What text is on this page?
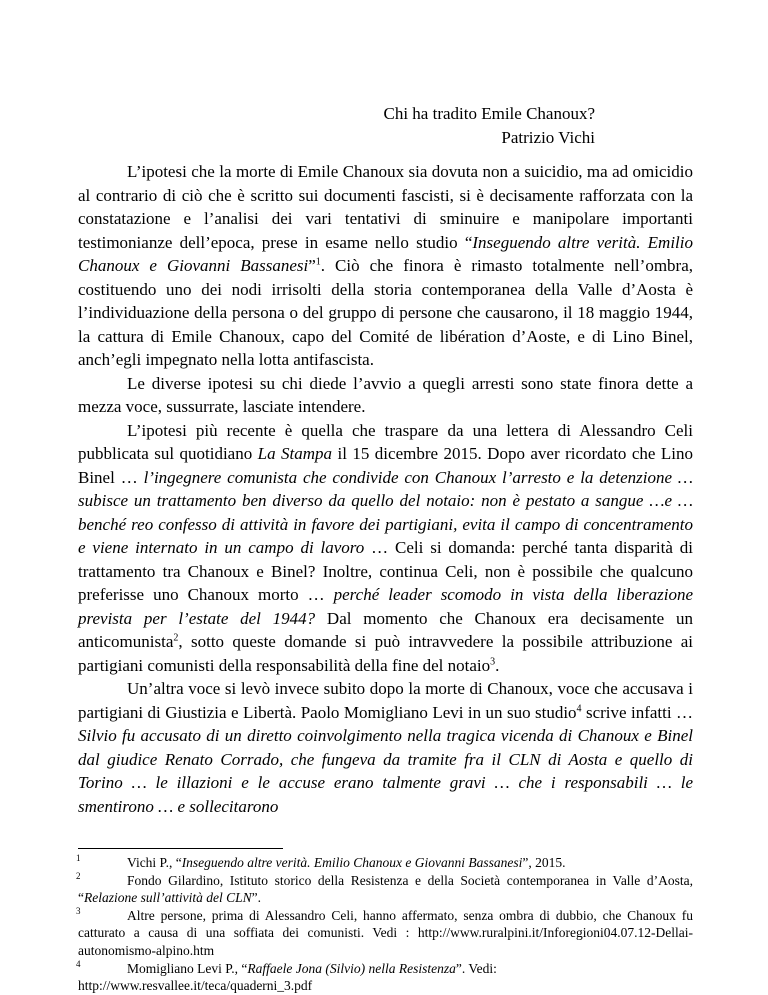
Chi ha tradito Emile Chanoux?
Patrizio Vichi

L’ipotesi che la morte di Emile Chanoux sia dovuta non a suicidio, ma ad omicidio al contrario di ciò che è scritto sui documenti fascisti, si è decisamente rafforzata con la constatazione e l’analisi dei vari tentativi di sminuire e manipolare importanti testimonianze dell’epoca, prese in esame nello studio “Inseguendo altre verità. Emilio Chanoux e Giovanni Bassanesi”$^1$. Ciò che finora è rimasto totalmente nell’ombra, costituendo uno dei nodi irrisolti della storia contemporanea della Valle d’Aosta è l’individuazione della persona o del gruppo di persone che causarono, il 18 maggio 1944, la cattura di Emile Chanoux, capo del Comité de libération d’Aoste, e di Lino Binel, anch’egli impegnato nella lotta antifascista.

Le diverse ipotesi su chi diede l’avvio a quegli arresti sono state finora dette a mezza voce, sussurrate, lasciate intendere.

L’ipotesi più recente è quella che traspare da una lettera di Alessandro Celi pubblicata sul quotidiano La Stampa il 15 dicembre 2015. Dopo aver ricordato che Lino Binel … l’ingegnere comunista che condivide con Chanoux l’arresto e la detenzione … subisce un trattamento ben diverso da quello del notaio: non è pestato a sangue …e … benché reo confesso di attività in favore dei partigiani, evita il campo di concentramento e viene internato in un campo di lavoro … Celi si domanda: perché tanta disparità di trattamento tra Chanoux e Binel? Inoltre, continua Celi, non è possibile che qualcuno preferisse uno Chanoux morto … perché leader scomodo in vista della liberazione prevista per l’estate del 1944? Dal momento che Chanoux era decisamente un anticomunista$^2$, sotto queste domande si può intravvedere la possibile attribuzione ai partigiani comunisti della responsabilità della fine del notaio$^3$.

Un’altra voce si levò invece subito dopo la morte di Chanoux, voce che accusava i partigiani di Giustizia e Libertà. Paolo Momigliano Levi in un suo studio$^4$ scrive infatti … Silvio fu accusato di un diretto coinvolgimento nella tragica vicenda di Chanoux e Binel dal giudice Renato Corrado, che fungeva da tramite fra il CLN di Aosta e quello di Torino … le illazioni e le accuse erano talmente gravi … che i responsabili … le smentirono … e sollecitarono

1	Vichi P., “Inseguendo altre verità. Emilio Chanoux e Giovanni Bassanesi”, 2015.

2	Fondo Gilardino, Istituto storico della Resistenza e della Società contemporanea in Valle d’Aosta, “Relazione sull’attività del CLN”.

3	Altre persone, prima di Alessandro Celi, hanno affermato, senza ombra di dubbio, che Chanoux fu catturato a causa di una soffiata dei comunisti. Vedi : http://www.ruralpini.it/Inforegioni04.07.12-Dellai-autonomismo-alpino.htm

4	Momigliano Levi P., “Raffaele Jona (Silvio) nella Resistenza”. Vedi:

http://www.resvallee.it/teca/quaderni_3.pdf
